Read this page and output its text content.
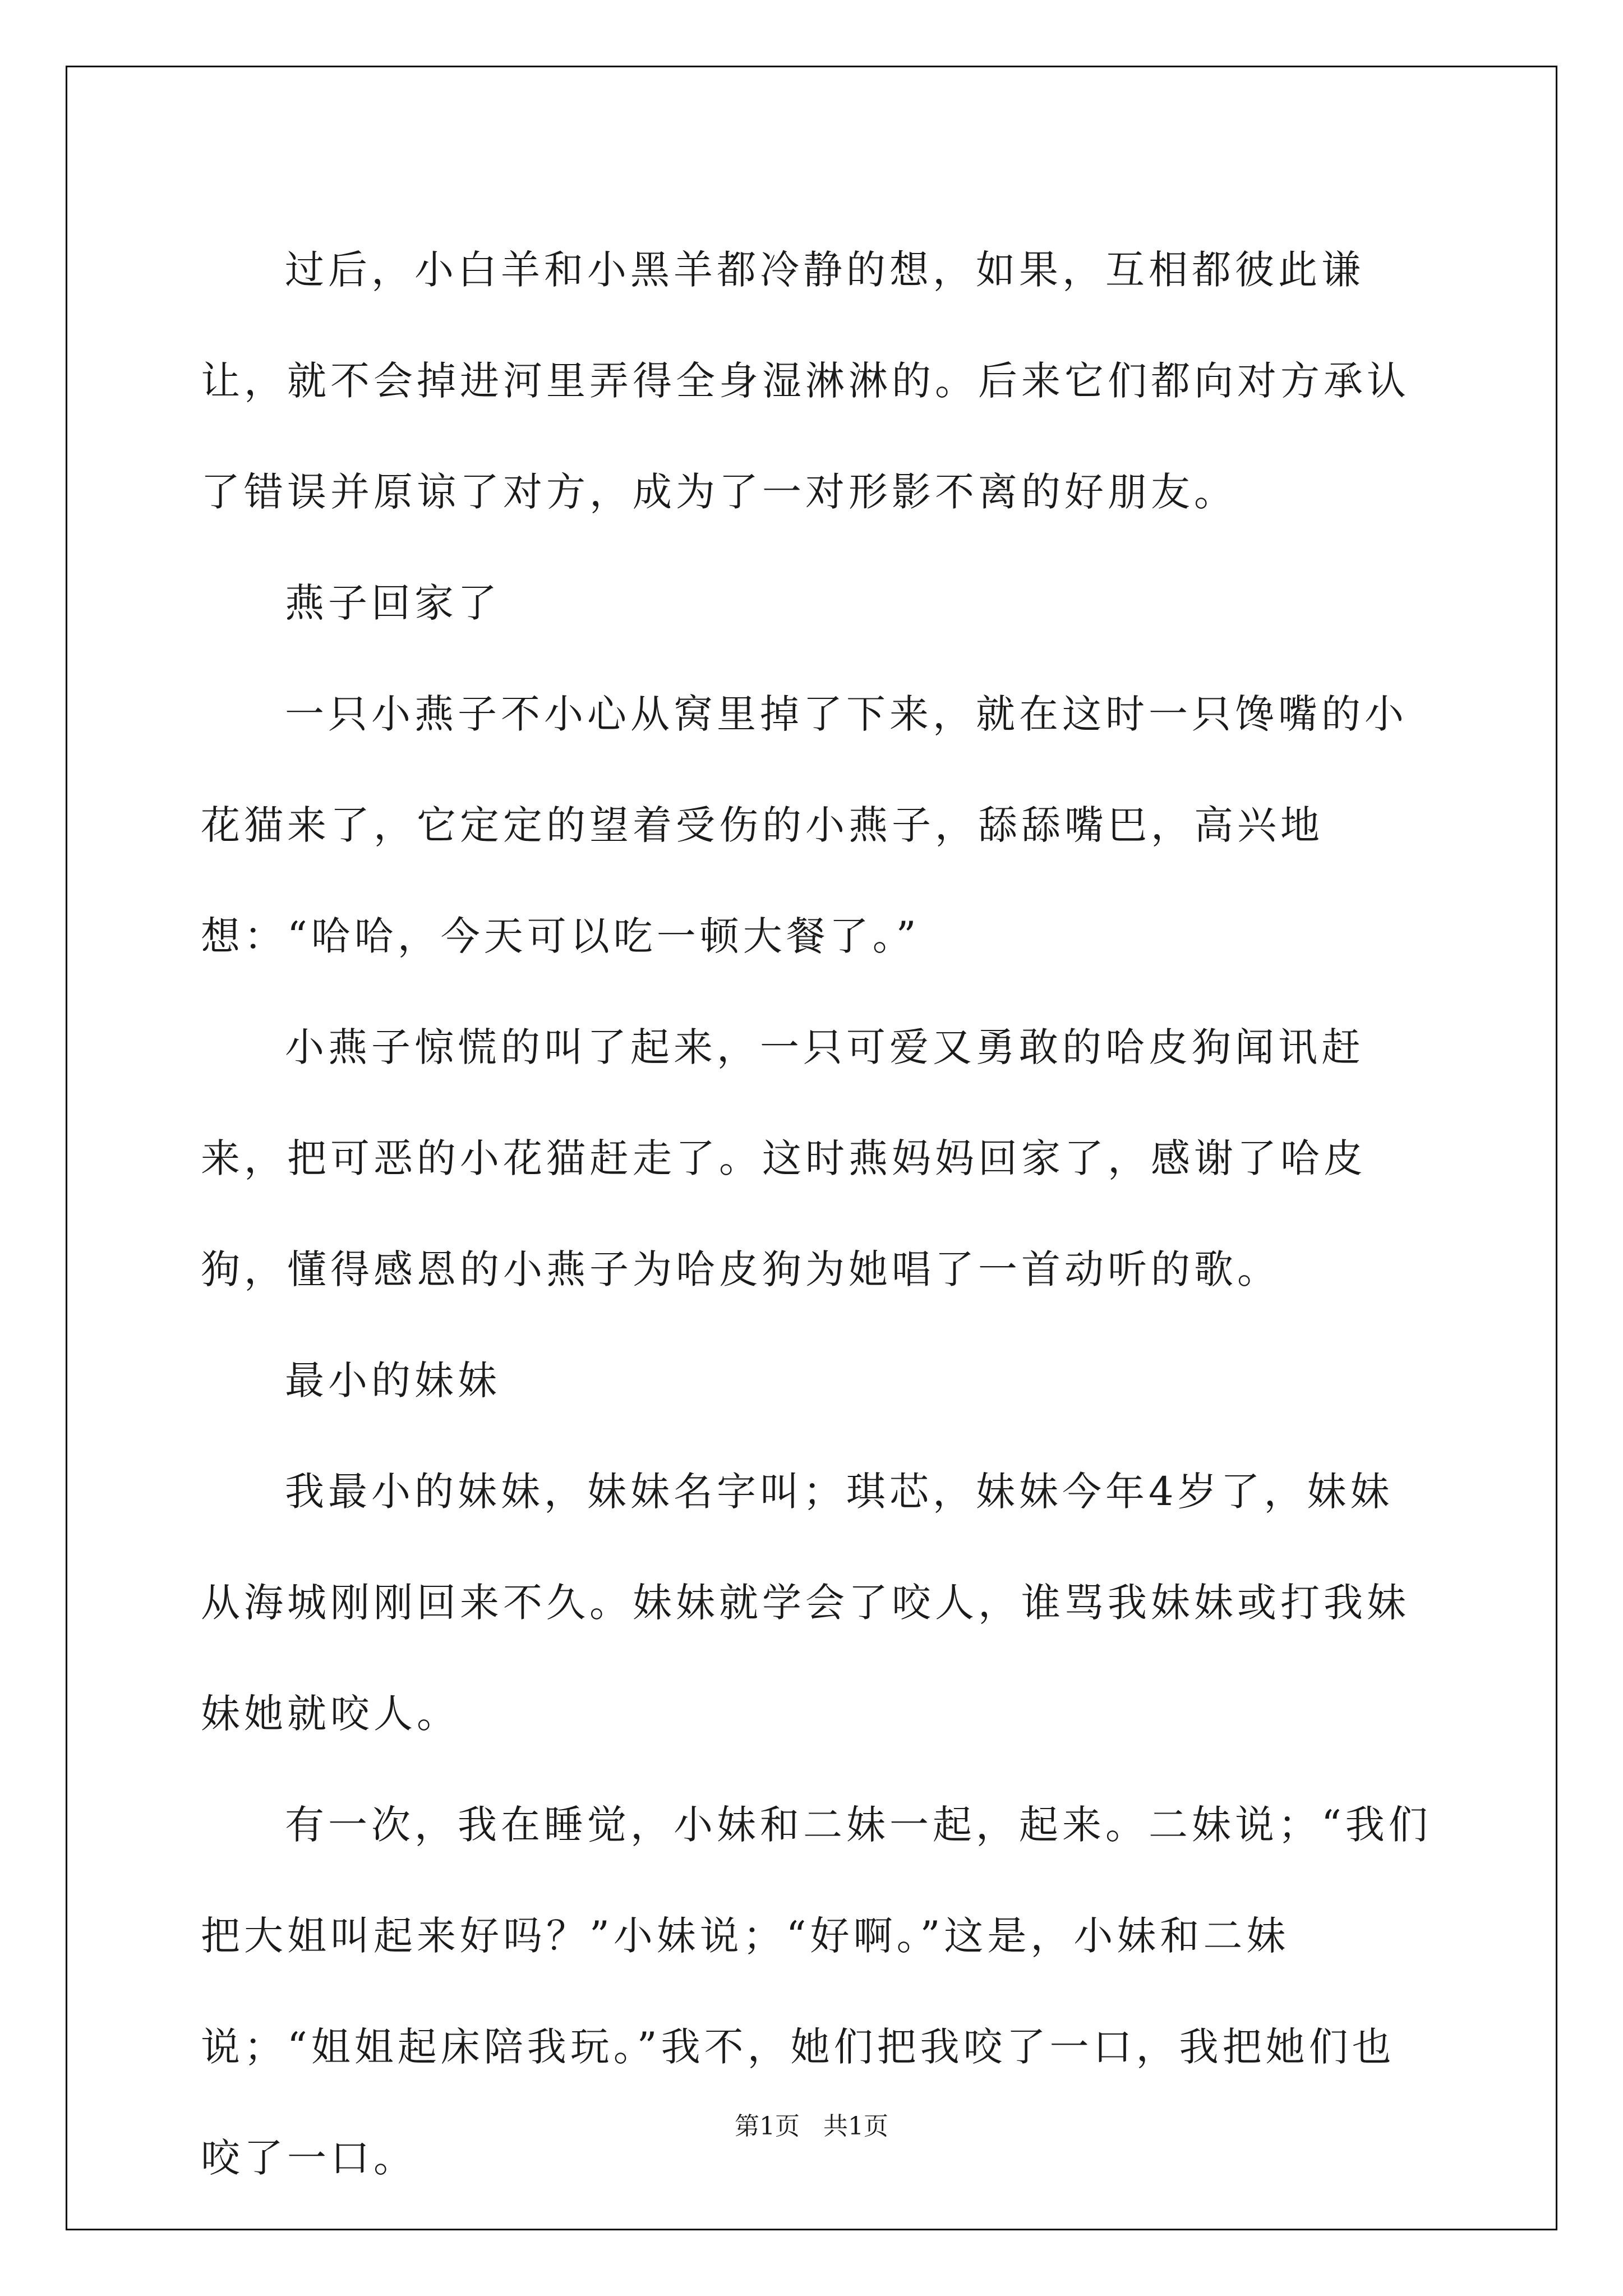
过后，小白羊和小黑羊都冷静的想，如果，互相都彼此谦让，就不会掉进河里弄得全身湿淋淋的。后来它们都向对方承认了错误并原谅了对方，成为了一对形影不离的好朋友。

燕子回家了

一只小燕子不小心从窝里掉了下来，就在这时一只馋嘴的小花猫来了，它定定的望着受伤的小燕子，舔舔嘴巴，高兴地想：“哈哈，今天可以吃一顿大餐了。”

小燕子惊慌的叫了起来，一只可爱又勇敢的哈皮狗闻讯赶来，把可恶的小花猫赶走了。这时燕妈妈回家了，感谢了哈皮狗，懂得感恩的小燕子为哈皮狗为她唱了一首动听的歌。

最小的妹妹

我最小的妹妹，妹妹名字叫；琪芯，妹妹今年4岁了，妹妹从海城刚刚回来不久。妹妹就学会了咬人，谁骂我妹妹或打我妹妹她就咬人。

有一次，我在睡觉，小妹和二妹一起，起来。二妹说；“我们把大姐叫起来好吗？”小妹说；“好啊。”这是，小妹和二妹说；“姐姐起床陪我玩。”我不，她们把我咬了一口，我把她们也咬了一口。

第1页   共1页
